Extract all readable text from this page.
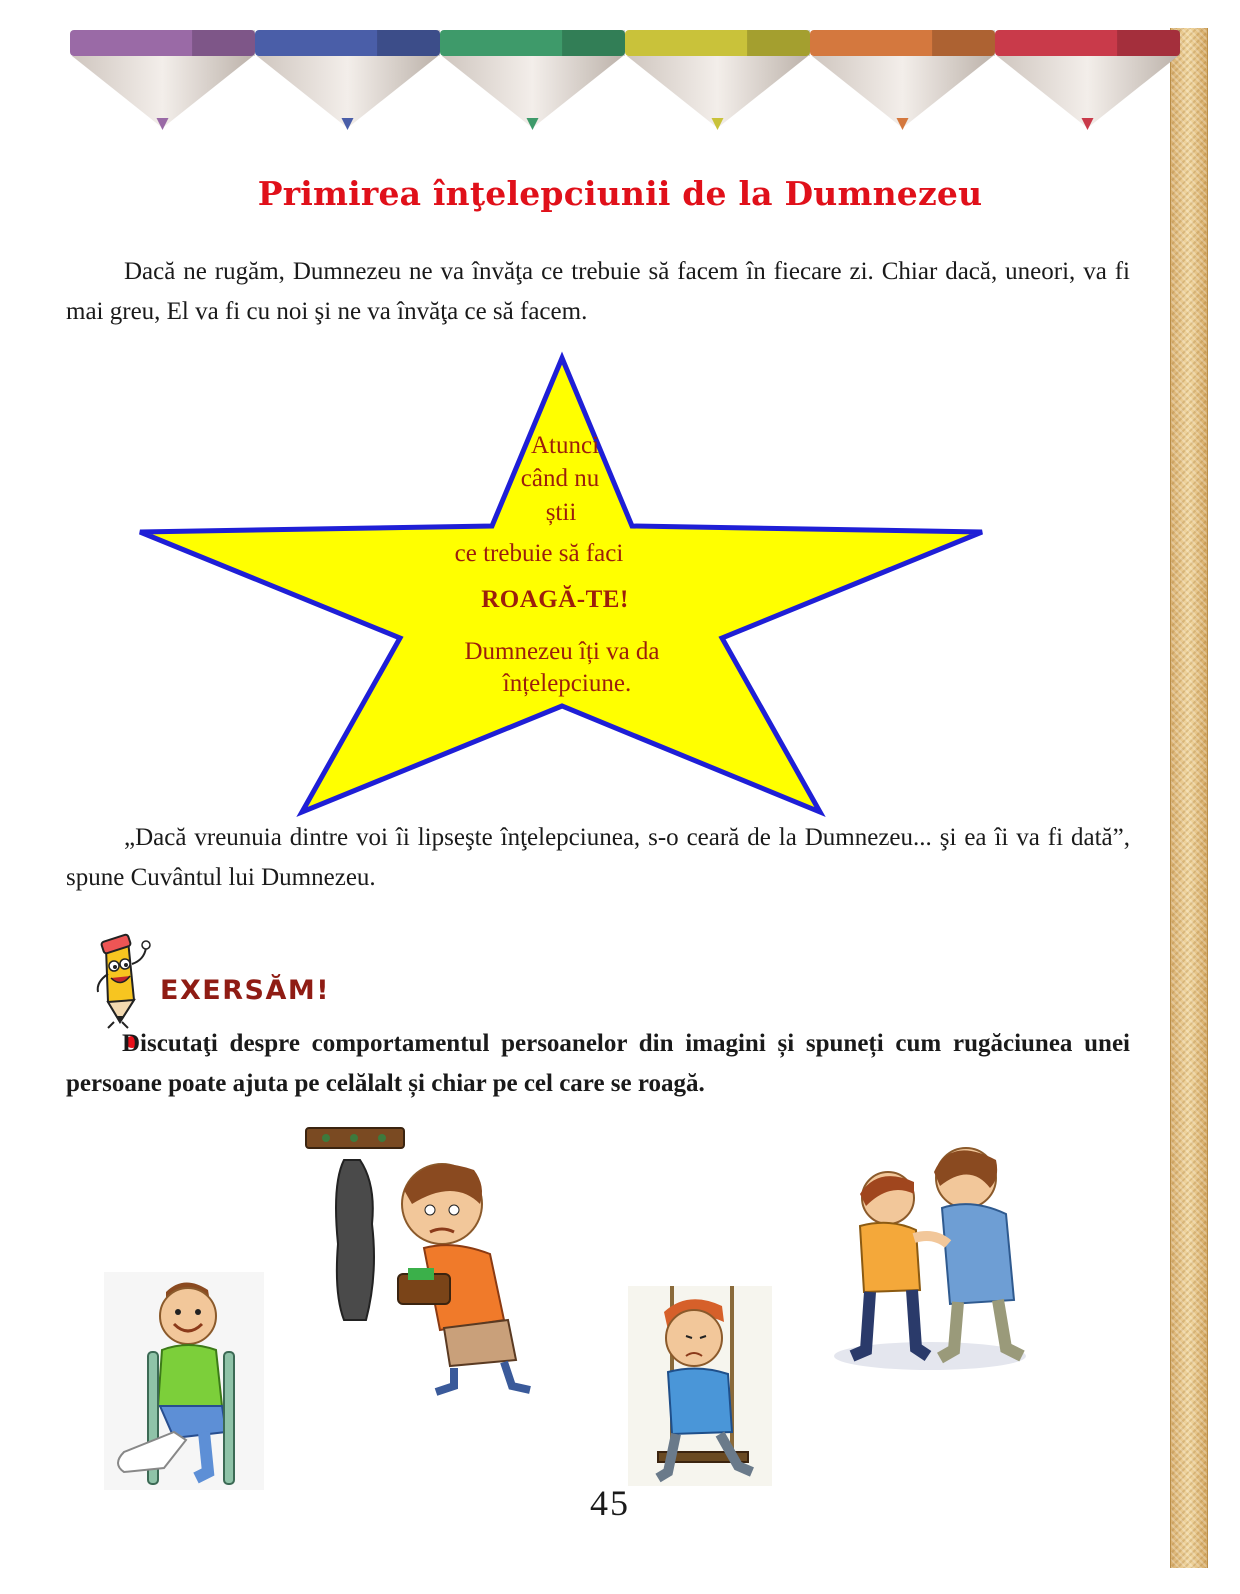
Primirea înţelepciunii de la Dumnezeu

Dacă ne rugăm, Dumnezeu ne va învăţa ce trebuie să facem în fiecare zi. Chiar dacă, uneori, va fi mai greu, El va fi cu noi şi ne va învăţa ce să facem.

Atunci

când nu

știi

ce trebuie să faci

ROAGĂ-TE!

Dumnezeu îți va da

înțelepciune.

„Dacă vreunuia dintre voi îi lipseşte înţelepciunea, s-o ceară de la Dumnezeu... şi ea îi va fi dată”, spune Cuvântul lui Dumnezeu.

EXERSĂM!

Discutaţi despre comportamentul persoanelor din imagini și spuneți cum rugăciunea unei persoane poate ajuta pe celălalt și chiar pe cel care se roagă.

45
